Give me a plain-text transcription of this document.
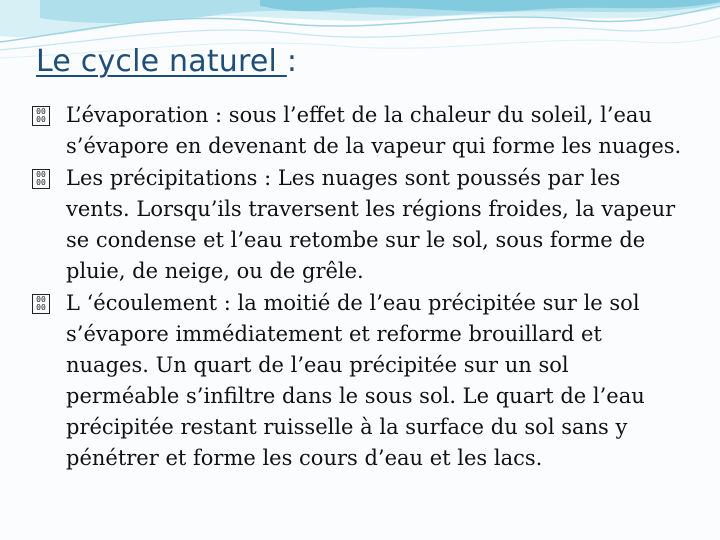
Le cycle naturel :
00
00 L’évaporation : sous l’effet de la chaleur du soleil, l’eau s’évapore en devenant de la vapeur qui forme les nuages.
00
00 Les précipitations : Les nuages sont poussés par les vents. Lorsqu’ils traversent les régions froides, la vapeur se condense et l’eau retombe sur le sol, sous forme de pluie, de neige, ou de grêle.
00
00 L ‘écoulement : la moitié de l’eau précipitée sur le sol s’évapore immédiatement et reforme brouillard et nuages. Un quart de l’eau précipitée sur un sol perméable s’infiltre dans le sous sol. Le quart de l’eau précipitée restant ruisselle à la surface du sol sans y pénétrer et forme les cours d’eau et les lacs.
